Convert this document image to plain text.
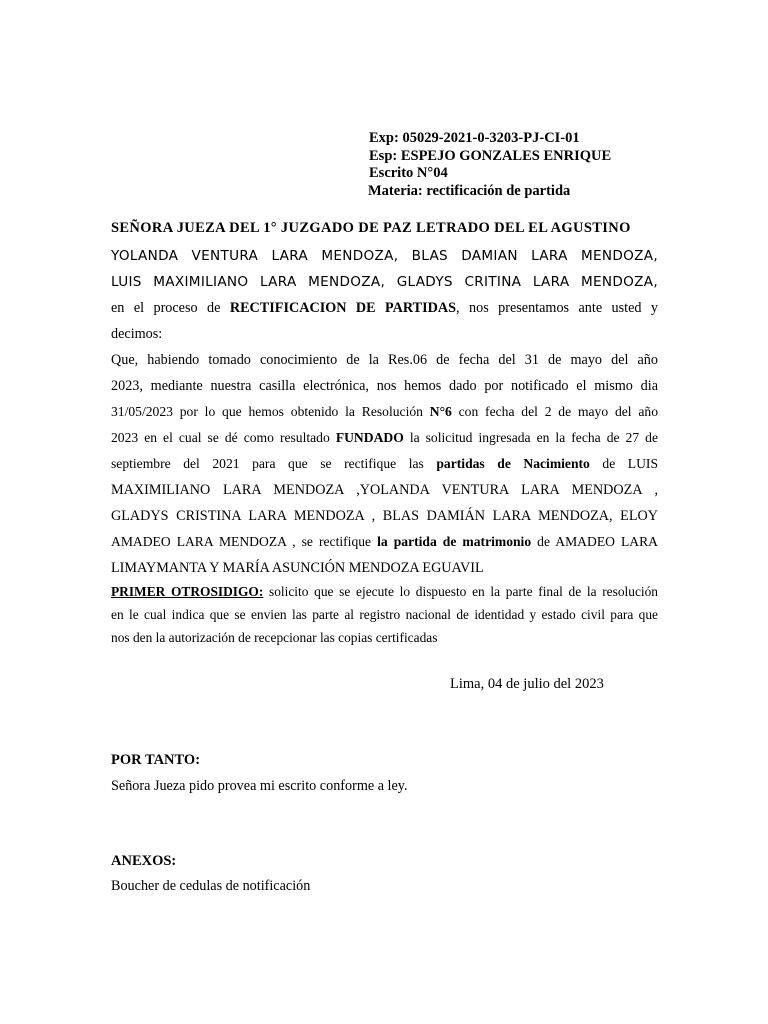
Exp: 05029-2021-0-3203-PJ-CI-01
Esp: ESPEJO GONZALES ENRIQUE
Escrito N°04
Materia: rectificación de partida
SEÑORA JUEZA DEL 1° JUZGADO DE PAZ LETRADO DEL EL AGUSTINO
YOLANDA VENTURA LARA MENDOZA, BLAS DAMIAN LARA MENDOZA,
LUIS MAXIMILIANO LARA MENDOZA, GLADYS CRITINA LARA MENDOZA,
en el proceso de RECTIFICACION DE PARTIDAS, nos presentamos ante usted y
decimos:
Que, habiendo tomado conocimiento de la Res.06 de fecha del 31 de mayo del año
2023, mediante nuestra casilla electrónica, nos hemos dado por notificado el mismo dia
31/05/2023 por lo que hemos obtenido la Resolución N°6 con fecha del 2 de mayo del año
2023 en el cual se dé como resultado FUNDADO la solicitud ingresada en la fecha de 27 de
septiembre del 2021 para que se rectifique las partidas de Nacimiento de LUIS
MAXIMILIANO LARA MENDOZA ,YOLANDA VENTURA LARA MENDOZA ,
GLADYS CRISTINA LARA MENDOZA , BLAS DAMIÁN LARA MENDOZA, ELOY
AMADEO LARA MENDOZA , se rectifique la partida de matrimonio de AMADEO LARA
LIMAYMANTA Y MARÍA ASUNCIÓN MENDOZA EGUAVIL
PRIMER OTROSIDIGO: solicito que se ejecute lo dispuesto en la parte final de la resolución
en le cual indica que se envien las parte al registro nacional de identidad y estado civil para que
nos den la autorización de recepcionar las copias certificadas
Lima, 04 de julio del 2023
POR TANTO:
Señora Jueza pido provea mi escrito conforme a ley.
ANEXOS:
Boucher de cedulas de notificación
